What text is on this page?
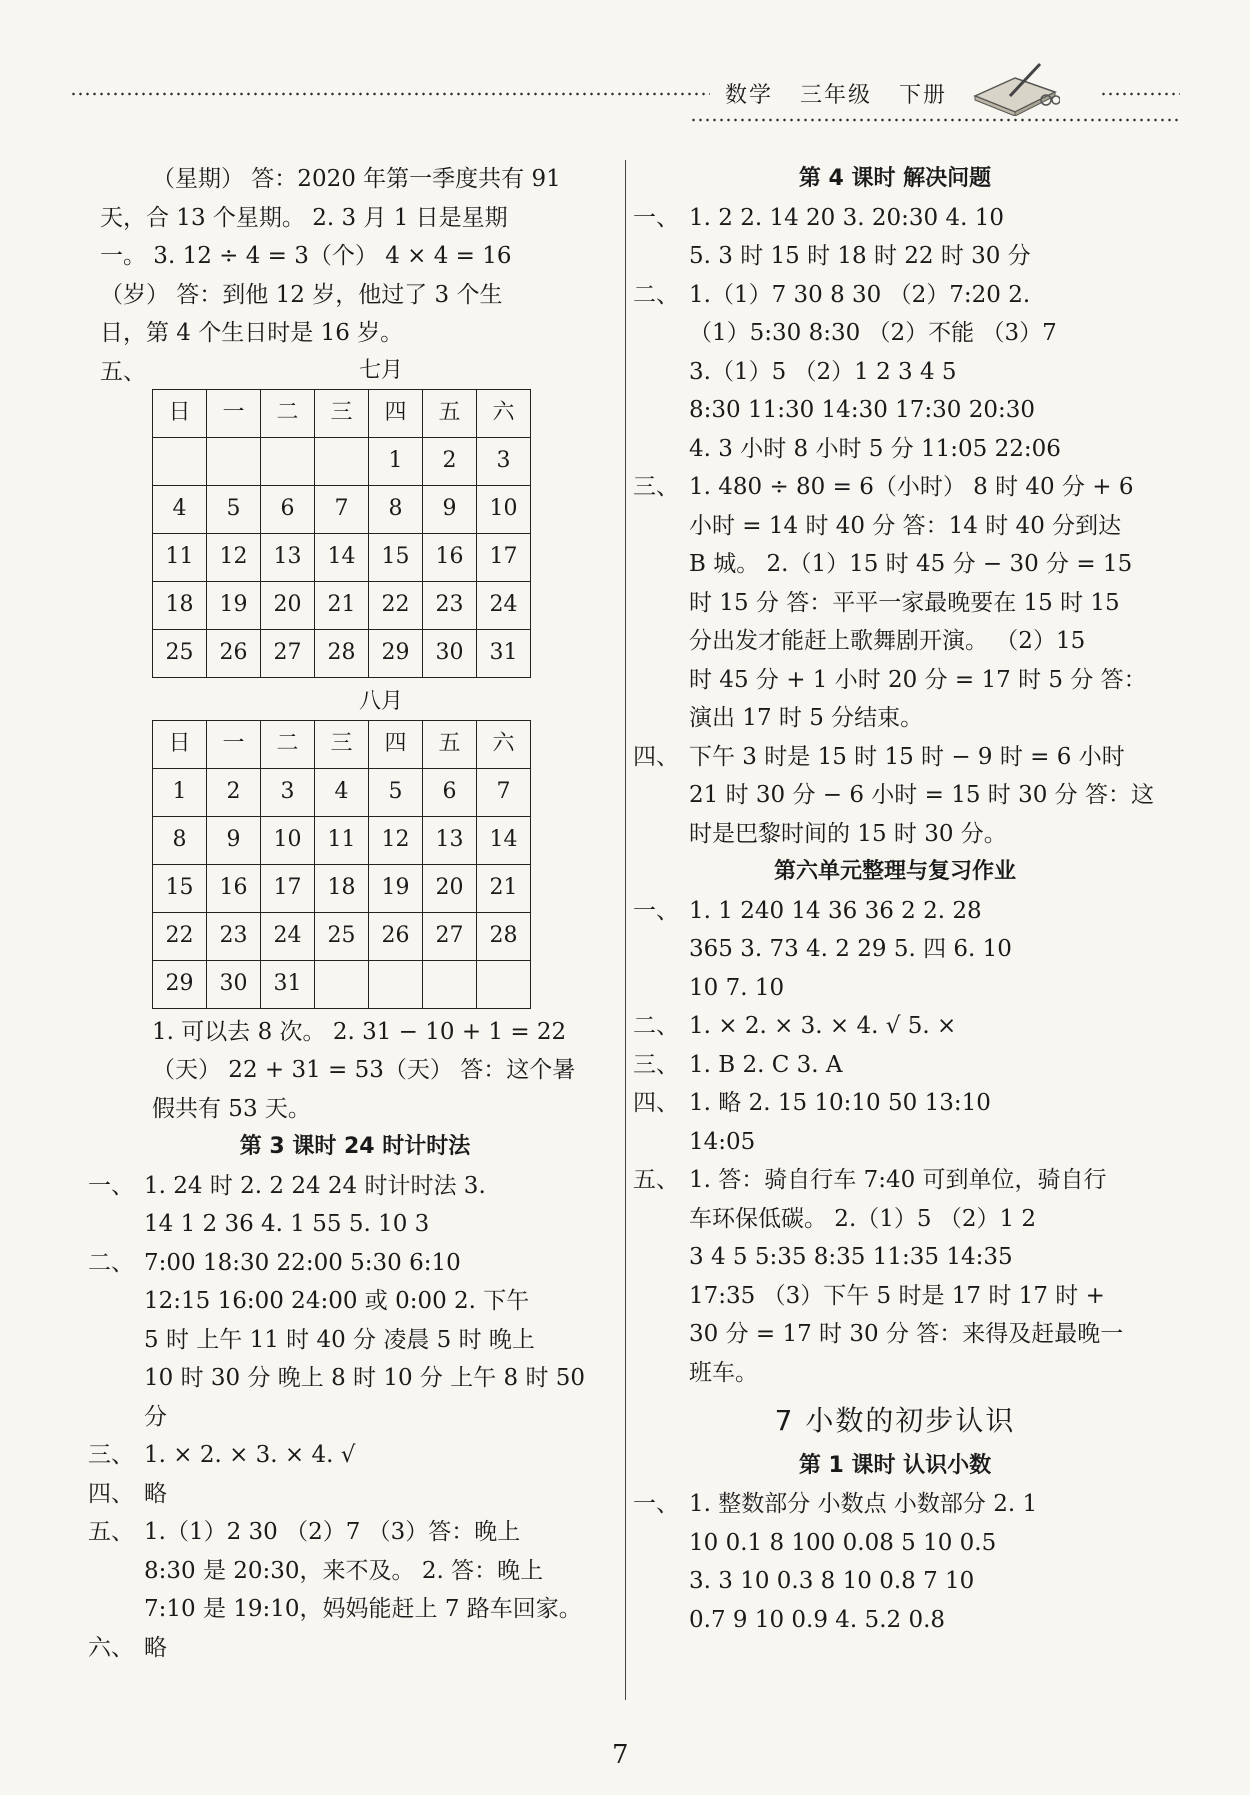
数学 三年级 下册
（星期） 答：2020 年第一季度共有 91
天，合 13 个星期。 2. 3 月 1 日是星期
一。 3. 12 ÷ 4 = 3（个） 4 × 4 = 16
（岁） 答：到他 12 岁，他过了 3 个生
日，第 4 个生日时是 16 岁。
五、	七月
日	一	二	三	四	五	六
				1	2	3
4	5	6	7	8	9	10
11	12	13	14	15	16	17
18	19	20	21	22	23	24
25	26	27	28	29	30	31
八月
日	一	二	三	四	五	六
1	2	3	4	5	6	7
8	9	10	11	12	13	14
15	16	17	18	19	20	21
22	23	24	25	26	27	28
29	30	31				
1. 可以去 8 次。 2. 31 − 10 + 1 = 22
（天） 22 + 31 = 53（天） 答：这个暑
假共有 53 天。
第 3 课时 24 时计时法
一、 1. 24 时 2. 2 24 24 时计时法 3.
14 1 2 36 4. 1 55 5. 10 3
二、 7:00 18:30 22:00 5:30 6:10
12:15 16:00 24:00 或 0:00 2. 下午
5 时 上午 11 时 40 分 凌晨 5 时 晚上
10 时 30 分 晚上 8 时 10 分 上午 8 时 50
分
三、 1. × 2. × 3. × 4. √
四、 略
五、 1.（1）2 30 （2）7 （3）答：晚上
8:30 是 20:30，来不及。 2. 答：晚上
7:10 是 19:10，妈妈能赶上 7 路车回家。
六、 略
第 4 课时 解决问题
一、 1. 2 2. 14 20 3. 20:30 4. 10
5. 3 时 15 时 18 时 22 时 30 分
二、 1.（1）7 30 8 30 （2）7:20 2.
（1）5:30 8:30 （2）不能 （3）7
3.（1）5 （2）1 2 3 4 5
8:30 11:30 14:30 17:30 20:30
4. 3 小时 8 小时 5 分 11:05 22:06
三、 1. 480 ÷ 80 = 6（小时） 8 时 40 分 + 6
小时 = 14 时 40 分 答：14 时 40 分到达
B 城。 2.（1）15 时 45 分 − 30 分 = 15
时 15 分 答：平平一家最晚要在 15 时 15
分出发才能赶上歌舞剧开演。 （2）15
时 45 分 + 1 小时 20 分 = 17 时 5 分 答：
演出 17 时 5 分结束。
四、 下午 3 时是 15 时 15 时 − 9 时 = 6 小时
21 时 30 分 − 6 小时 = 15 时 30 分 答：这
时是巴黎时间的 15 时 30 分。
第六单元整理与复习作业
一、 1. 1 240 14 36 36 2 2. 28
365 3. 73 4. 2 29 5. 四 6. 10
10 7. 10
二、 1. × 2. × 3. × 4. √ 5. ×
三、 1. B 2. C 3. A
四、 1. 略 2. 15 10:10 50 13:10
14:05
五、 1. 答：骑自行车 7:40 可到单位，骑自行
车环保低碳。 2.（1）5 （2）1 2
3 4 5 5:35 8:35 11:35 14:35
17:35 （3）下午 5 时是 17 时 17 时 +
30 分 = 17 时 30 分 答：来得及赶最晚一
班车。
7 小数的初步认识
第 1 课时 认识小数
一、 1. 整数部分 小数点 小数部分 2. 1
10 0.1 8 100 0.08 5 10 0.5
3. 3 10 0.3 8 10 0.8 7 10
0.7 9 10 0.9 4. 5.2 0.8
7
